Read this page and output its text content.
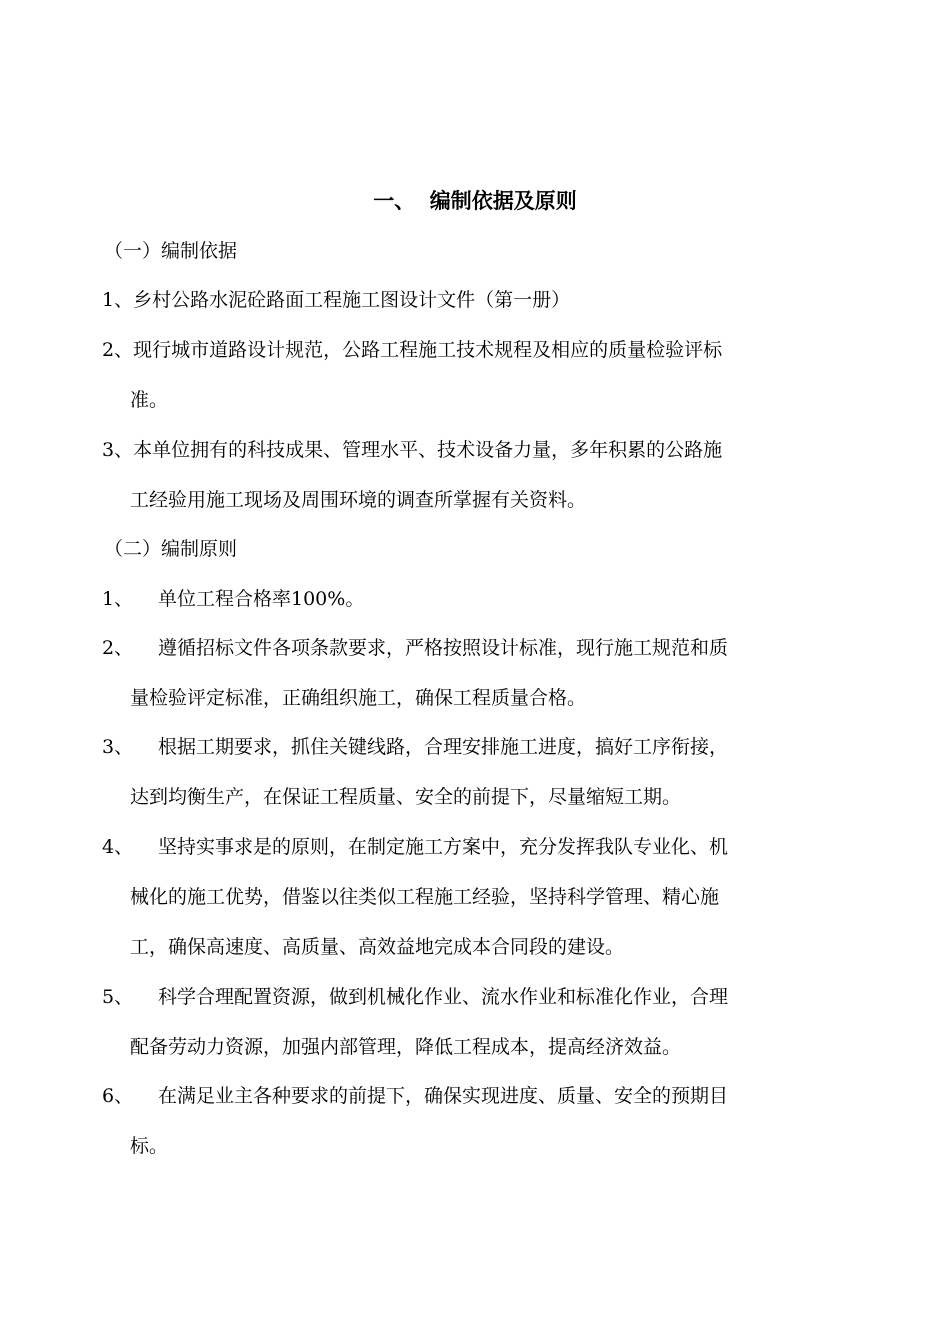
一、  编制依据及原则
（一）编制依据
1、乡村公路水泥砼路面工程施工图设计文件（第一册）
2、现行城市道路设计规范，公路工程施工技术规程及相应的质量检验评标
准。
3、本单位拥有的科技成果、管理水平、技术设备力量，多年积累的公路施
工经验用施工现场及周围环境的调查所掌握有关资料。
（二）编制原则
1、 单位工程合格率100%。
2、 遵循招标文件各项条款要求，严格按照设计标准，现行施工规范和质
量检验评定标准，正确组织施工，确保工程质量合格。
3、 根据工期要求，抓住关键线路，合理安排施工进度，搞好工序衔接，
达到均衡生产，在保证工程质量、安全的前提下，尽量缩短工期。
4、 坚持实事求是的原则，在制定施工方案中，充分发挥我队专业化、机
械化的施工优势，借鉴以往类似工程施工经验，坚持科学管理、精心施
工，确保高速度、高质量、高效益地完成本合同段的建设。
5、 科学合理配置资源，做到机械化作业、流水作业和标准化作业，合理
配备劳动力资源，加强内部管理，降低工程成本，提高经济效益。
6、 在满足业主各种要求的前提下，确保实现进度、质量、安全的预期目
标。
